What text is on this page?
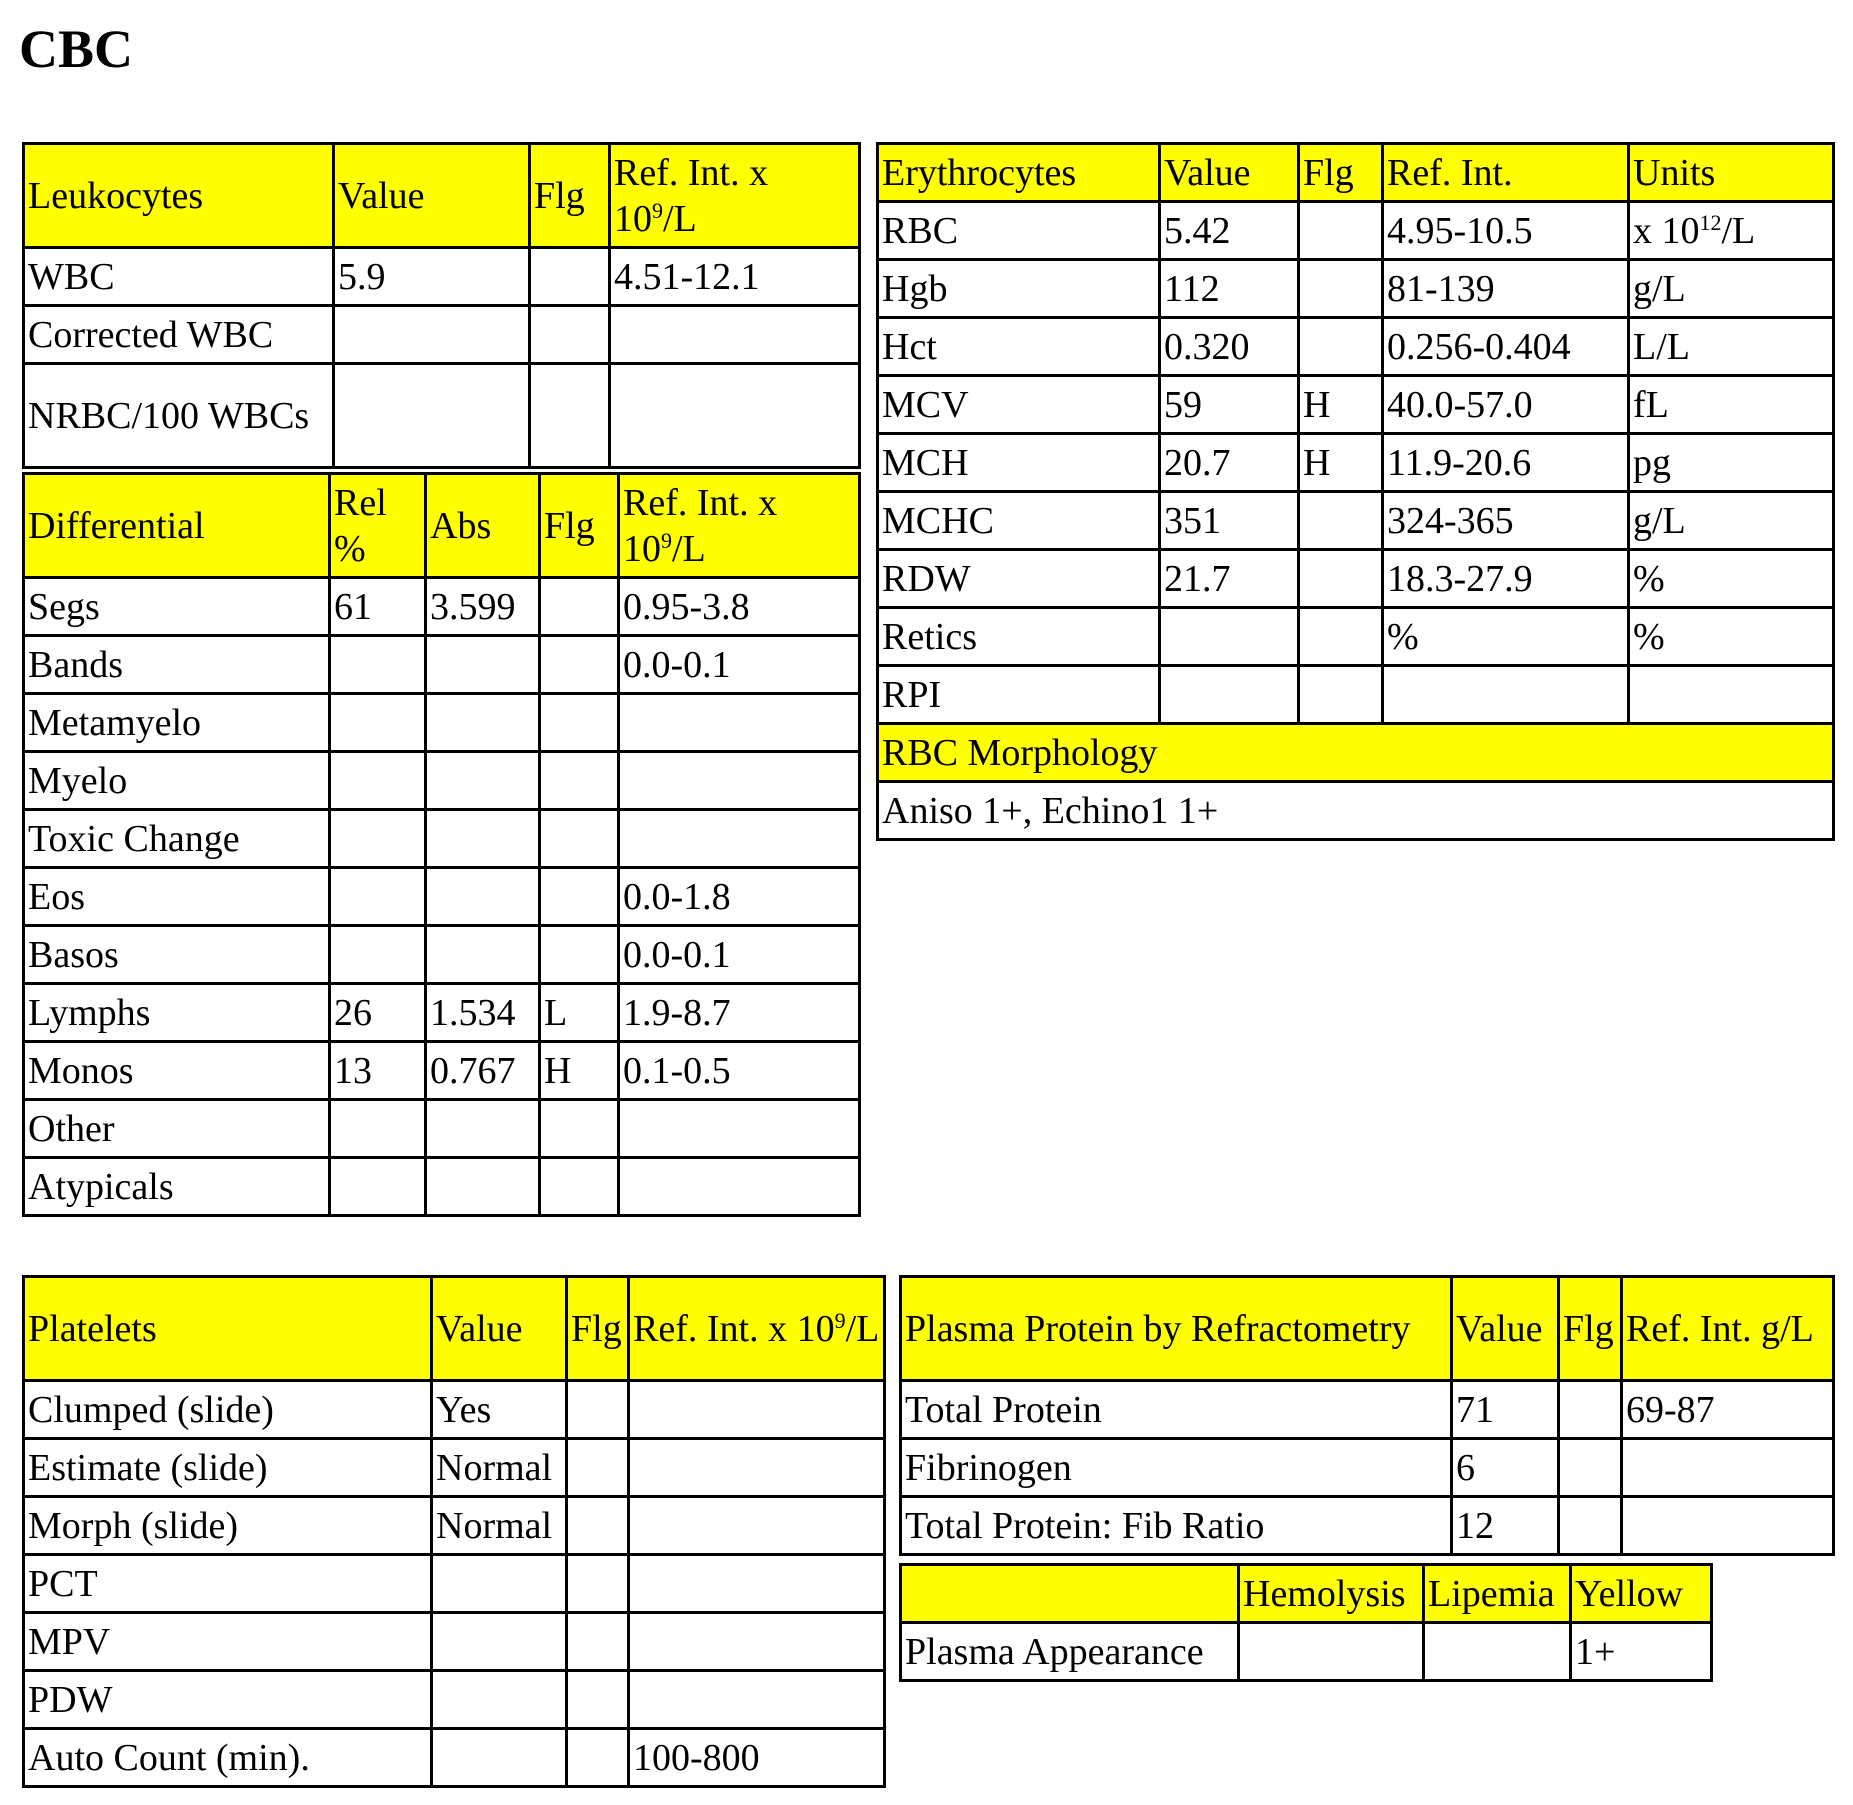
CBC
Leukocytes	Value	Flg	Ref. Int. x $10^9/L$
WBC	5.9		4.51-12.1
Corrected WBC			
NRBC/100 WBCs			
Differential	Rel %	Abs	Flg	Ref. Int. x $10^9/L$
Segs	61	3.599		0.95-3.8
Bands				0.0-0.1
Metamyelo				
Myelo				
Toxic Change				
Eos				0.0-1.8
Basos				0.0-0.1
Lymphs	26	1.534	L	1.9-8.7
Monos	13	0.767	H	0.1-0.5
Other				
Atypicals				
Erythrocytes	Value	Flg	Ref. Int.	Units
RBC	5.42		4.95-10.5	x $10^{12}/L$
Hgb	112		81-139	g/L
Hct	0.320		0.256-0.404	L/L
MCV	59	H	40.0-57.0	fL
MCH	20.7	H	11.9-20.6	pg
MCHC	351		324-365	g/L
RDW	21.7		18.3-27.9	%
Retics			%	%
RPI				
RBC Morphology
Aniso 1+, Echino1 1+
Platelets	Value	Flg	Ref. Int. x $10^9/L$
Clumped (slide)	Yes		
Estimate (slide)	Normal		
Morph (slide)	Normal		
PCT			
MPV			
PDW			
Auto Count (min).			100-800
Plasma Protein by Refractometry	Value	Flg	Ref. Int. g/L
Total Protein	71		69-87
Fibrinogen	6		
Total Protein: Fib Ratio	12		
	Hemolysis	Lipemia	Yellow
Plasma Appearance			1+
